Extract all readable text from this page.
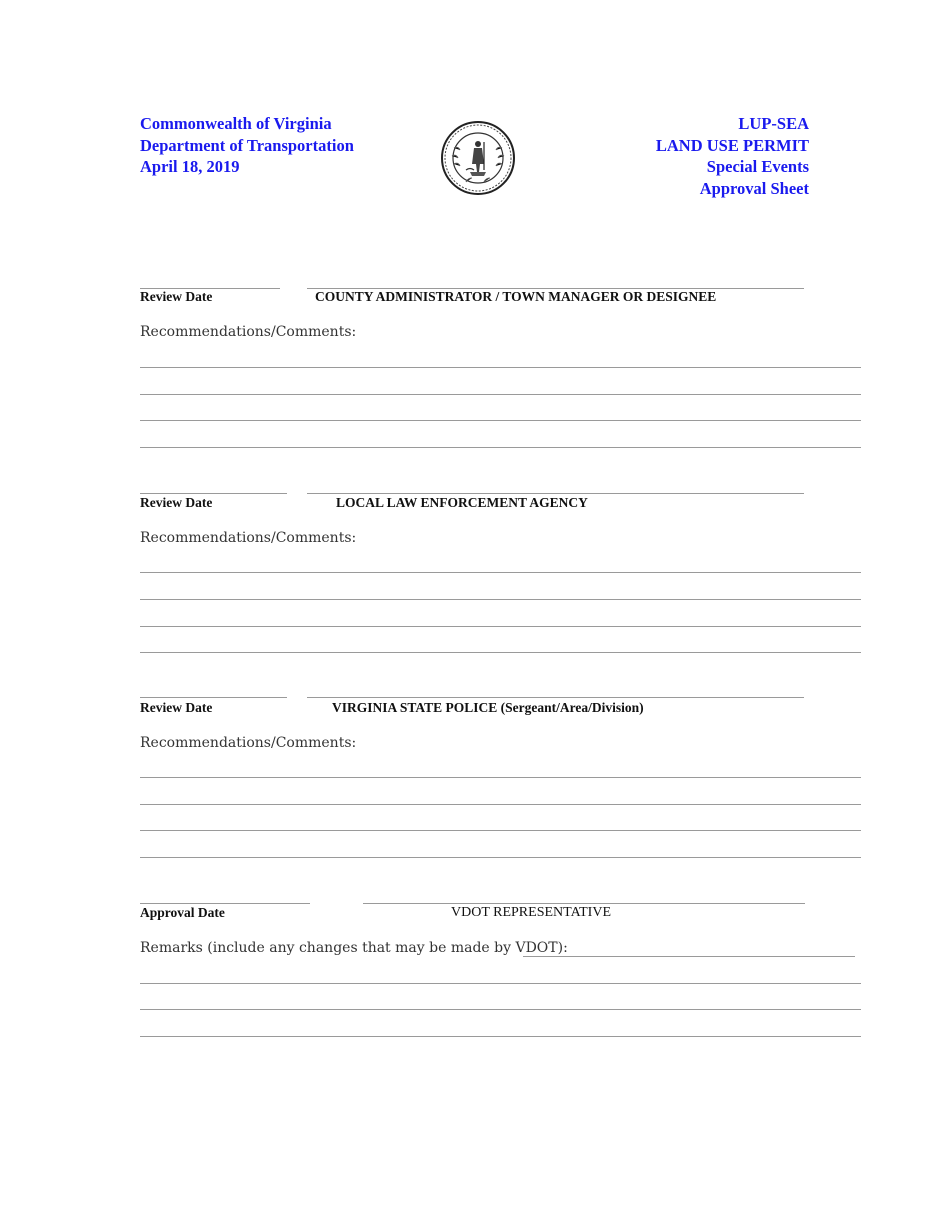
Commonwealth of Virginia
Department of Transportation
April 18, 2019
LUP-SEA
LAND USE PERMIT
Special Events
Approval Sheet
Review Date	COUNTY ADMINISTRATOR / TOWN MANAGER OR DESIGNEE
Recommendations/Comments:
Review Date	LOCAL LAW ENFORCEMENT AGENCY
Recommendations/Comments:
Review Date	VIRGINIA STATE POLICE (Sergeant/Area/Division)
Recommendations/Comments:
Approval Date	VDOT REPRESENTATIVE
Remarks (include any changes that may be made by VDOT):
